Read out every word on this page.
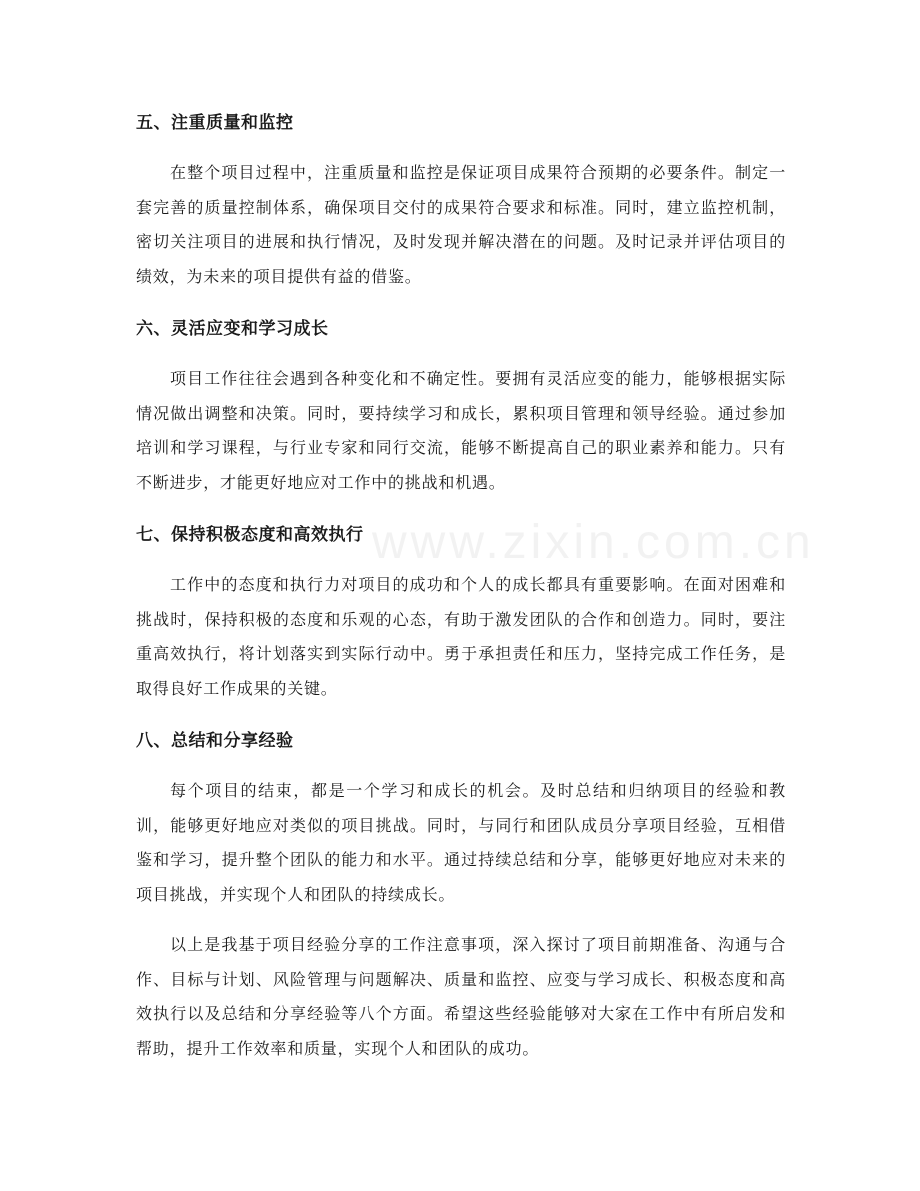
www.zixin.com.cn
五、注重质量和监控

在整个项目过程中，注重质量和监控是保证项目成果符合预期的必要条件。制定一套完善的质量控制体系，确保项目交付的成果符合要求和标准。同时，建立监控机制，密切关注项目的进展和执行情况，及时发现并解决潜在的问题。及时记录并评估项目的绩效，为未来的项目提供有益的借鉴。

六、灵活应变和学习成长

项目工作往往会遇到各种变化和不确定性。要拥有灵活应变的能力，能够根据实际情况做出调整和决策。同时，要持续学习和成长，累积项目管理和领导经验。通过参加培训和学习课程，与行业专家和同行交流，能够不断提高自己的职业素养和能力。只有不断进步，才能更好地应对工作中的挑战和机遇。

七、保持积极态度和高效执行

工作中的态度和执行力对项目的成功和个人的成长都具有重要影响。在面对困难和挑战时，保持积极的态度和乐观的心态，有助于激发团队的合作和创造力。同时，要注重高效执行，将计划落实到实际行动中。勇于承担责任和压力，坚持完成工作任务，是取得良好工作成果的关键。

八、总结和分享经验

每个项目的结束，都是一个学习和成长的机会。及时总结和归纳项目的经验和教训，能够更好地应对类似的项目挑战。同时，与同行和团队成员分享项目经验，互相借鉴和学习，提升整个团队的能力和水平。通过持续总结和分享，能够更好地应对未来的项目挑战，并实现个人和团队的持续成长。

以上是我基于项目经验分享的工作注意事项，深入探讨了项目前期准备、沟通与合作、目标与计划、风险管理与问题解决、质量和监控、应变与学习成长、积极态度和高效执行以及总结和分享经验等八个方面。希望这些经验能够对大家在工作中有所启发和帮助，提升工作效率和质量，实现个人和团队的成功。
